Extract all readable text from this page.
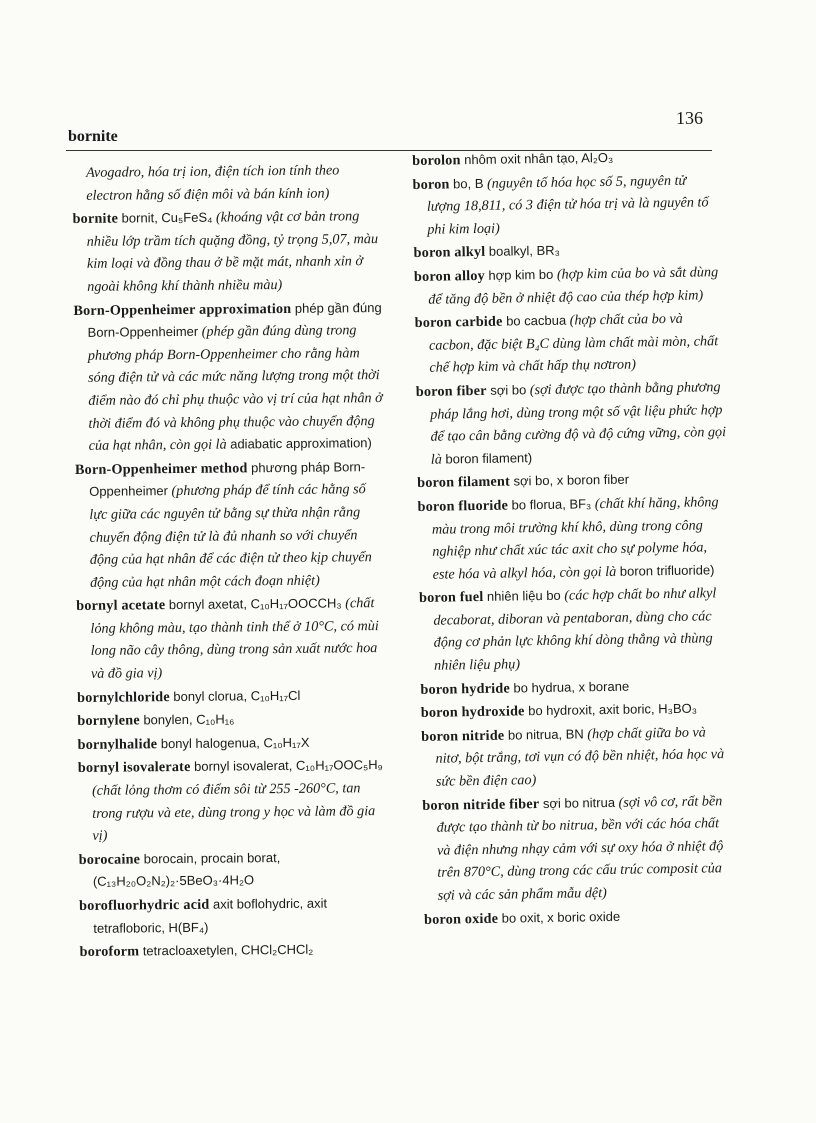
bornite
136
Avogadro, hóa trị ion, điện tích ion tính theo electron hằng số điện môi và bán kính ion)
bornite bornit, Cu₅FeS₄ (khoáng vật cơ bản trong nhiều lớp trầm tích quặng đồng, tỷ trọng 5,07, màu kim loại và đồng thau ở bề mặt mát, nhanh xỉn ở ngoài không khí thành nhiều màu)
Born-Oppenheimer approximation phép gần đúng Born-Oppenheimer (phép gần đúng dùng trong phương pháp Born-Oppenheimer cho rằng hàm sóng điện tử và các mức năng lượng trong một thời điểm nào đó chỉ phụ thuộc vào vị trí của hạt nhân ở thời điểm đó và không phụ thuộc vào chuyển động của hạt nhân, còn gọi là adiabatic approximation)
Born-Oppenheimer method phương pháp Born-Oppenheimer (phương pháp để tính các hằng số lực giữa các nguyên tử bằng sự thừa nhận rằng chuyển động điện tử là đủ nhanh so với chuyển động của hạt nhân để các điện tử theo kịp chuyển động của hạt nhân một cách đoạn nhiệt)
bornyl acetate bornyl axetat, C₁₀H₁₇OOCCH₃ (chất lỏng không màu, tạo thành tinh thể ở 10°C, có mùi long não cây thông, dùng trong sản xuất nước hoa và đồ gia vị)
bornylchloride bonyl clorua, C₁₀H₁₇Cl
bornylene bonylen, C₁₀H₁₆
bornylhalide bonyl halogenua, C₁₀H₁₇X
bornyl isovalerate bornyl isovalerat, C₁₀H₁₇OOC₅H₉ (chất lỏng thơm có điểm sôi từ 255 -260°C, tan trong rượu và ete, dùng trong y học và làm đồ gia vị)
borocaine borocain, procain borat, (C₁₃H₂₀O₂N₂)₂·5BeO₃·4H₂O
borofluorhydric acid axit boflohydric, axit tetrafloboric, H(BF₄)
boroform tetracloaxetylen, CHCl₂CHCl₂
borolon nhôm oxit nhân tạo, Al₂O₃
boron bo, B (nguyên tố hóa học số 5, nguyên tử lượng 18,811, có 3 điện tử hóa trị và là nguyên tố phi kim loại)
boron alkyl boalkyl, BR₃
boron alloy hợp kim bo (hợp kim của bo và sắt dùng để tăng độ bền ở nhiệt độ cao của thép hợp kim)
boron carbide bo cacbua (hợp chất của bo và cacbon, đặc biệt B₄C dùng làm chất mài mòn, chất chế hợp kim và chất hấp thụ nơtron)
boron fiber sợi bo (sợi được tạo thành bằng phương pháp lắng hơi, dùng trong một số vật liệu phức hợp để tạo cân bằng cường độ và độ cứng vững, còn gọi là boron filament)
boron filament sợi bo, x boron fiber
boron fluoride bo florua, BF₃ (chất khí hăng, không màu trong môi trường khí khô, dùng trong công nghiệp như chất xúc tác axit cho sự polyme hóa, este hóa và alkyl hóa, còn gọi là boron trifluoride)
boron fuel nhiên liệu bo (các hợp chất bo như alkyl decaborat, diboran và pentaboran, dùng cho các động cơ phản lực không khí dòng thẳng và thùng nhiên liệu phụ)
boron hydride bo hydrua, x borane
boron hydroxide bo hydroxit, axit boric, H₃BO₃
boron nitride bo nitrua, BN (hợp chất giữa bo và nitơ, bột trắng, tơi vụn có độ bền nhiệt, hóa học và sức bền điện cao)
boron nitride fiber sợi bo nitrua (sợi vô cơ, rất bền được tạo thành từ bo nitrua, bền với các hóa chất và điện nhưng nhạy cảm với sự oxy hóa ở nhiệt độ trên 870°C, dùng trong các cấu trúc composit của sợi và các sản phẩm mẫu dệt)
boron oxide bo oxit, x boric oxide
